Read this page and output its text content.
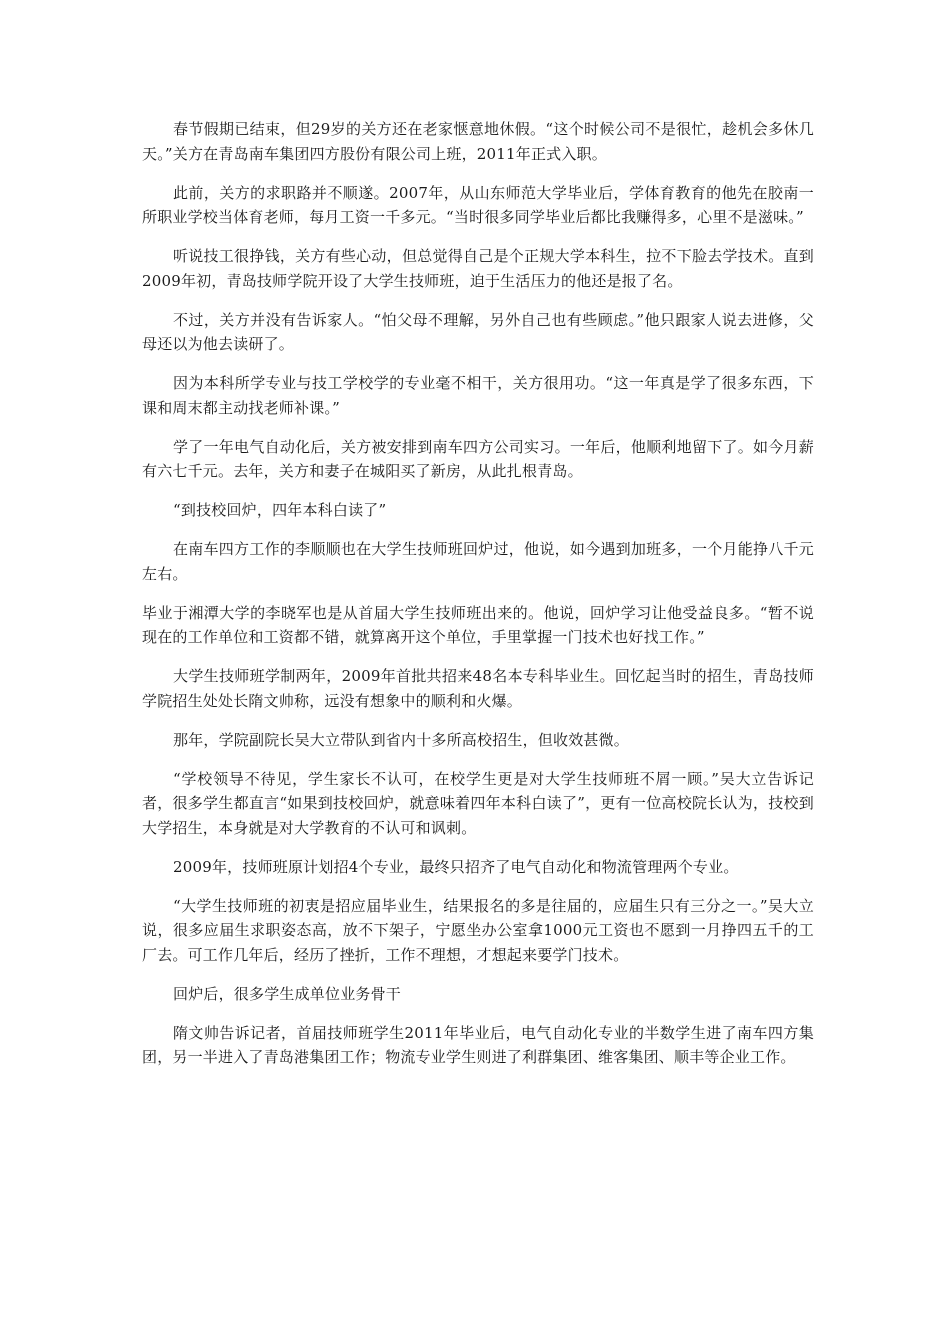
春节假期已结束，但29岁的关方还在老家惬意地休假。“这个时候公司不是很忙，趁机会多休几天。”关方在青岛南车集团四方股份有限公司上班，2011年正式入职。

此前，关方的求职路并不顺遂。2007年，从山东师范大学毕业后，学体育教育的他先在胶南一所职业学校当体育老师，每月工资一千多元。“当时很多同学毕业后都比我赚得多，心里不是滋味。”

听说技工很挣钱，关方有些心动，但总觉得自己是个正规大学本科生，拉不下脸去学技术。直到2009年初，青岛技师学院开设了大学生技师班，迫于生活压力的他还是报了名。

不过，关方并没有告诉家人。“怕父母不理解，另外自己也有些顾虑。”他只跟家人说去进修，父母还以为他去读研了。

因为本科所学专业与技工学校学的专业毫不相干，关方很用功。“这一年真是学了很多东西，下课和周末都主动找老师补课。”

学了一年电气自动化后，关方被安排到南车四方公司实习。一年后，他顺利地留下了。如今月薪有六七千元。去年，关方和妻子在城阳买了新房，从此扎根青岛。

“到技校回炉，四年本科白读了”

在南车四方工作的李顺顺也在大学生技师班回炉过，他说，如今遇到加班多，一个月能挣八千元左右。

毕业于湘潭大学的李晓军也是从首届大学生技师班出来的。他说，回炉学习让他受益良多。“暂不说现在的工作单位和工资都不错，就算离开这个单位，手里掌握一门技术也好找工作。”

大学生技师班学制两年，2009年首批共招来48名本专科毕业生。回忆起当时的招生，青岛技师学院招生处处长隋文帅称，远没有想象中的顺利和火爆。

那年，学院副院长吴大立带队到省内十多所高校招生，但收效甚微。

“学校领导不待见，学生家长不认可，在校学生更是对大学生技师班不屑一顾。”吴大立告诉记者，很多学生都直言“如果到技校回炉，就意味着四年本科白读了”，更有一位高校院长认为，技校到大学招生，本身就是对大学教育的不认可和讽刺。

2009年，技师班原计划招4个专业，最终只招齐了电气自动化和物流管理两个专业。

“大学生技师班的初衷是招应届毕业生，结果报名的多是往届的，应届生只有三分之一。”吴大立说，很多应届生求职姿态高，放不下架子，宁愿坐办公室拿1000元工资也不愿到一月挣四五千的工厂去。可工作几年后，经历了挫折，工作不理想，才想起来要学门技术。

回炉后，很多学生成单位业务骨干

隋文帅告诉记者，首届技师班学生2011年毕业后，电气自动化专业的半数学生进了南车四方集团，另一半进入了青岛港集团工作；物流专业学生则进了利群集团、维客集团、顺丰等企业工作。
